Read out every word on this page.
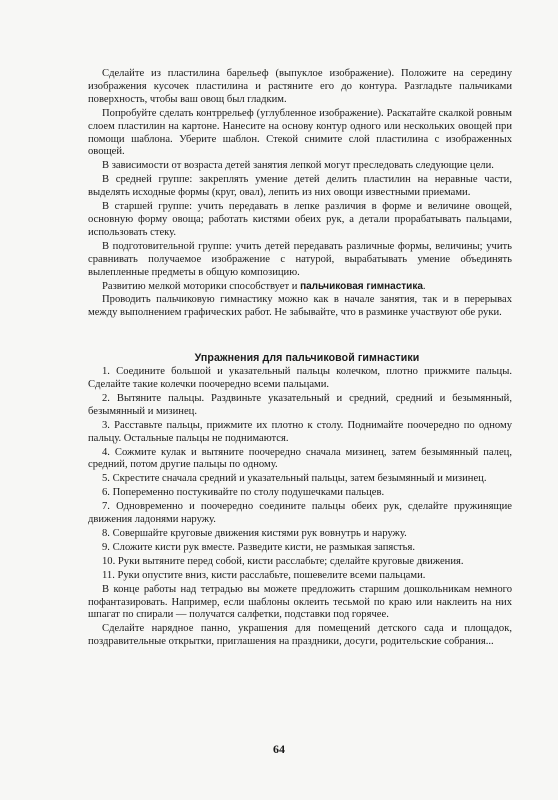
Сделайте из пластилина барельеф (выпуклое изображение). Положите на середину изображения кусочек пластилина и растяните его до контура. Разгладьте пальчиками поверхность, чтобы ваш овощ был гладким.

Попробуйте сделать контррельеф (углубленное изображение). Раскатайте скалкой ровным слоем пластилин на картоне. Нанесите на основу контур одного или нескольких овощей при помощи шаблона. Уберите шаблон. Стекой снимите слой пластилина с изображенных овощей.

В зависимости от возраста детей занятия лепкой могут преследовать следующие цели.

В средней группе: закреплять умение детей делить пластилин на неравные части, выделять исходные формы (круг, овал), лепить из них овощи известными приемами.

В старшей группе: учить передавать в лепке различия в форме и величине овощей, основную форму овоща; работать кистями обеих рук, а детали прорабатывать пальцами, использовать стеку.

В подготовительной группе: учить детей передавать различные формы, величины; учить сравнивать получаемое изображение с натурой, вырабатывать умение объединять вылепленные предметы в общую композицию.

Развитию мелкой моторики способствует и пальчиковая гимнастика.

Проводить пальчиковую гимнастику можно как в начале занятия, так и в перерывах между выполнением графических работ. Не забывайте, что в разминке участвуют обе руки.

Упражнения для пальчиковой гимнастики

1. Соедините большой и указательный пальцы колечком, плотно прижмите пальцы. Сделайте такие колечки поочередно всеми пальцами.

2. Вытяните пальцы. Раздвиньте указательный и средний, средний и безымянный, безымянный и мизинец.

3. Расставьте пальцы, прижмите их плотно к столу. Поднимайте поочередно по одному пальцу. Остальные пальцы не поднимаются.

4. Сожмите кулак и вытяните поочередно сначала мизинец, затем безымянный палец, средний, потом другие пальцы по одному.

5. Скрестите сначала средний и указательный пальцы, затем безымянный и мизинец.

6. Попеременно постукивайте по столу подушечками пальцев.

7. Одновременно и поочередно соедините пальцы обеих рук, сделайте пружинящие движения ладонями наружу.

8. Совершайте круговые движения кистями рук вовнутрь и наружу.

9. Сложите кисти рук вместе. Разведите кисти, не размыкая запястья.

10. Руки вытяните перед собой, кисти расслабьте; сделайте круговые движения.

11. Руки опустите вниз, кисти расслабьте, пошевелите всеми пальцами.

В конце работы над тетрадью вы можете предложить старшим дошкольникам немного пофантазировать. Например, если шаблоны оклеить тесьмой по краю или наклеить на них шпагат по спирали — получатся салфетки, подставки под горячее.

Сделайте нарядное панно, украшения для помещений детского сада и площадок, поздравительные открытки, приглашения на праздники, досуги, родительские собрания...

64
